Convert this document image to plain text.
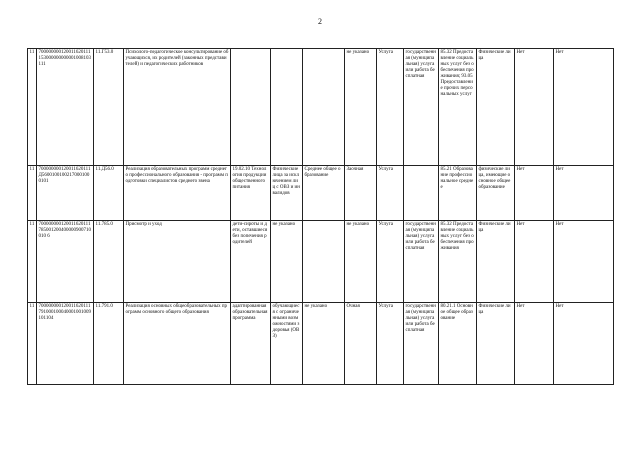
2
11	700000000120011620111153000000000001008103111	11.Г53.0	Психолого-педагогическое консультирование обучающихся, их родителей (законных представителей) и педагогических работников				не указано	Услуга	государственная (муниципальная) услуга или работа бесплатная	85.32 Предоставление социальных услуг без обеспечения проживания; 93.05 Предоставление прочих персональных услуг	Физические лица	Нет	Нет
11	700000000120011620111Д56001001002170001000101	11.Д56.0	Реализация образовательных программ среднего профессионального образования - программ подготовки специалистов среднего звена	19.02.10 Технология продукции общественного питания	Физические лица за исключением лиц с ОВЗ и инвалидов	Среднее общее образование	Заочная	Услуга		85.21 Образование профессиональное среднее	физические лица, имеющие основное общее образование	Нет	Нет
11	700000000120011620111785001200400000900710010 6	11.785.0	Присмотр и уход	дети-сироты и дети, оставшиеся без попечения родителей	не указано		не указано	Услуга	государственная (муниципальная) услуга или работа бесплатная	85.32 Предоставление социальных услуг без обеспечения проживания	Физические лица	Нет	Нет
11	700000000120011620111791000100040001001009101104	11.791.0	Реализация основных общеобразовательных программ основного общего образования	адаптированная образовательная программа	обучающиеся с ограниченными возможностями здоровья (ОВЗ)	не указано	Очная	Услуга	государственная (муниципальная) услуга или работа бесплатная	80.21.1 Основное общее образование	Физические лица	Нет	Нет
